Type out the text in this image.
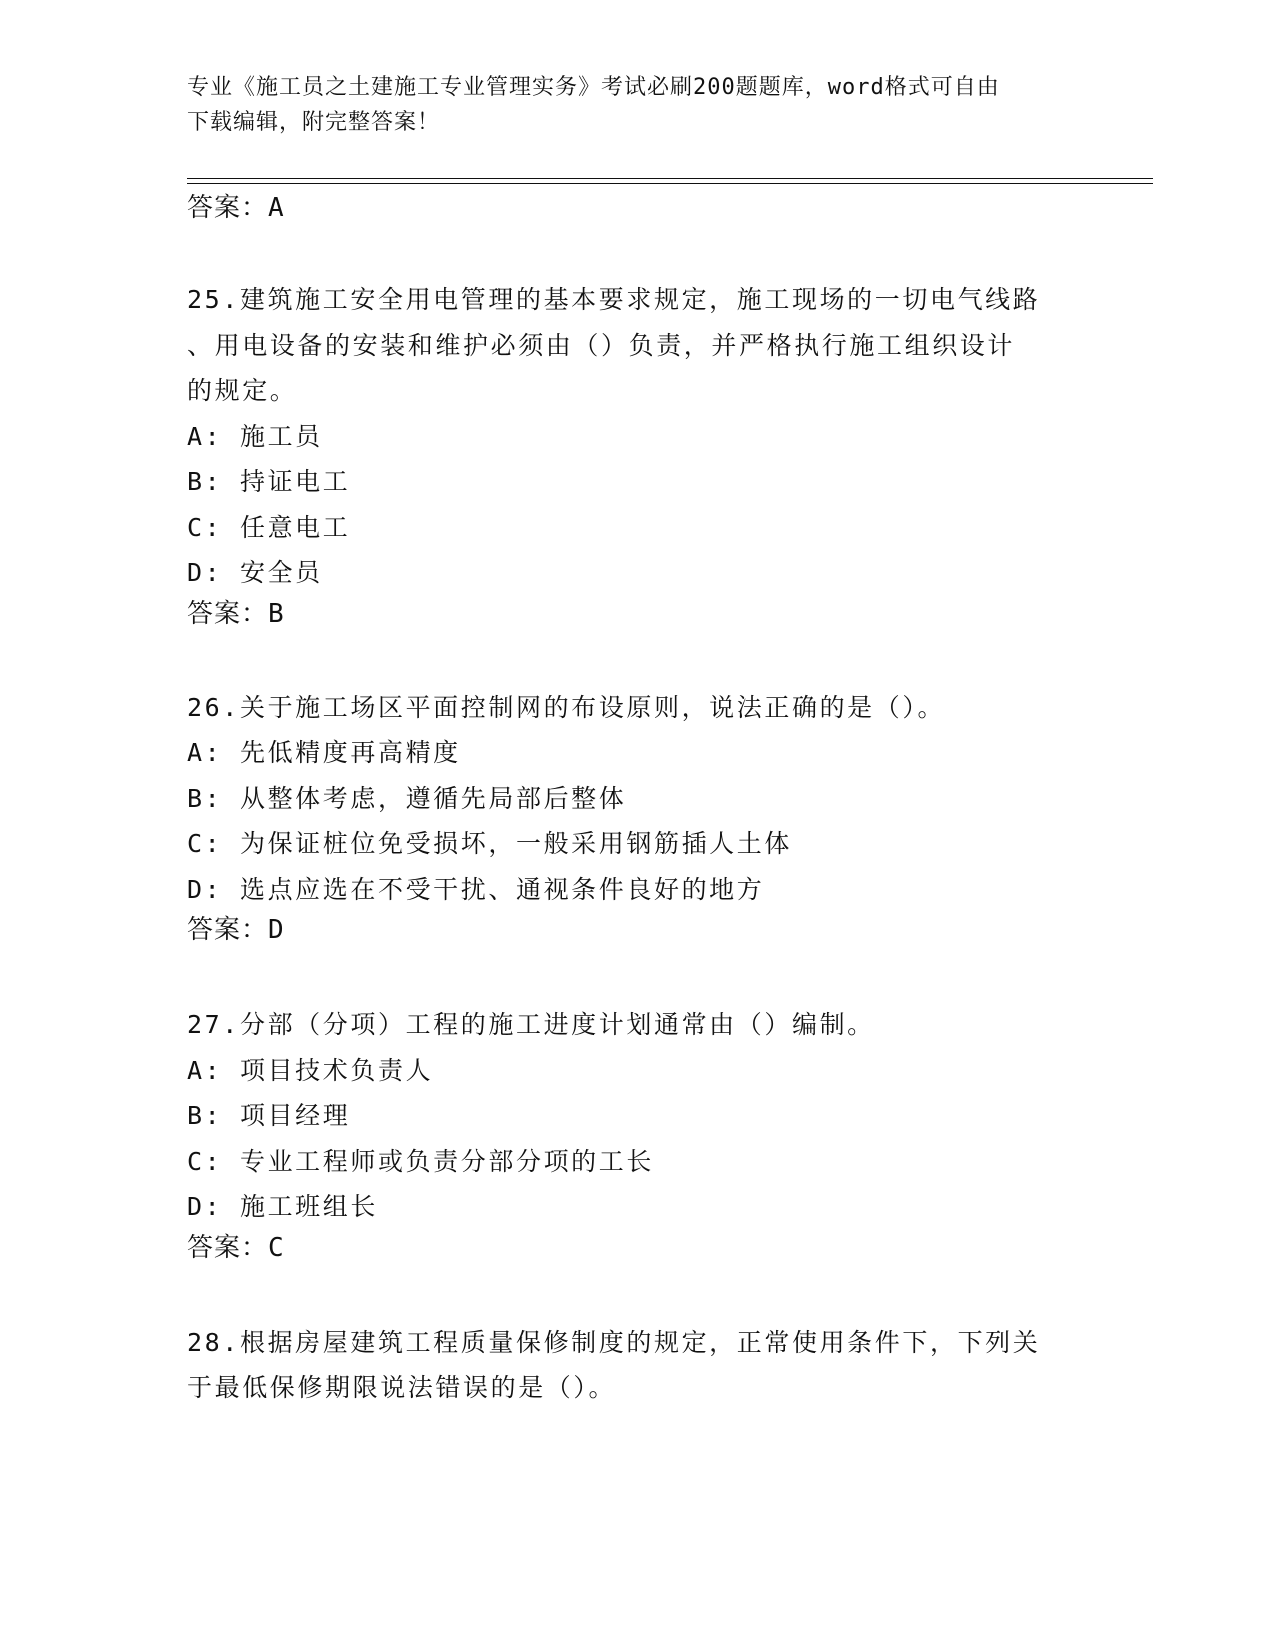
专业《施工员之土建施工专业管理实务》考试必刷200题题库，word格式可自由
下载编辑，附完整答案！
答案：A
25.建筑施工安全用电管理的基本要求规定，施工现场的一切电气线路
、用电设备的安装和维护必须由（）负责，并严格执行施工组织设计
的规定。
A: 施工员
B: 持证电工
C: 任意电工
D: 安全员
答案：B
26.关于施工场区平面控制网的布设原则，说法正确的是（）。
A: 先低精度再高精度
B: 从整体考虑，遵循先局部后整体
C: 为保证桩位免受损坏，一般采用钢筋插人土体
D: 选点应选在不受干扰、通视条件良好的地方
答案：D
27.分部（分项）工程的施工进度计划通常由（）编制。
A: 项目技术负责人
B: 项目经理
C: 专业工程师或负责分部分项的工长
D: 施工班组长
答案：C
28.根据房屋建筑工程质量保修制度的规定，正常使用条件下，下列关
于最低保修期限说法错误的是（）。
